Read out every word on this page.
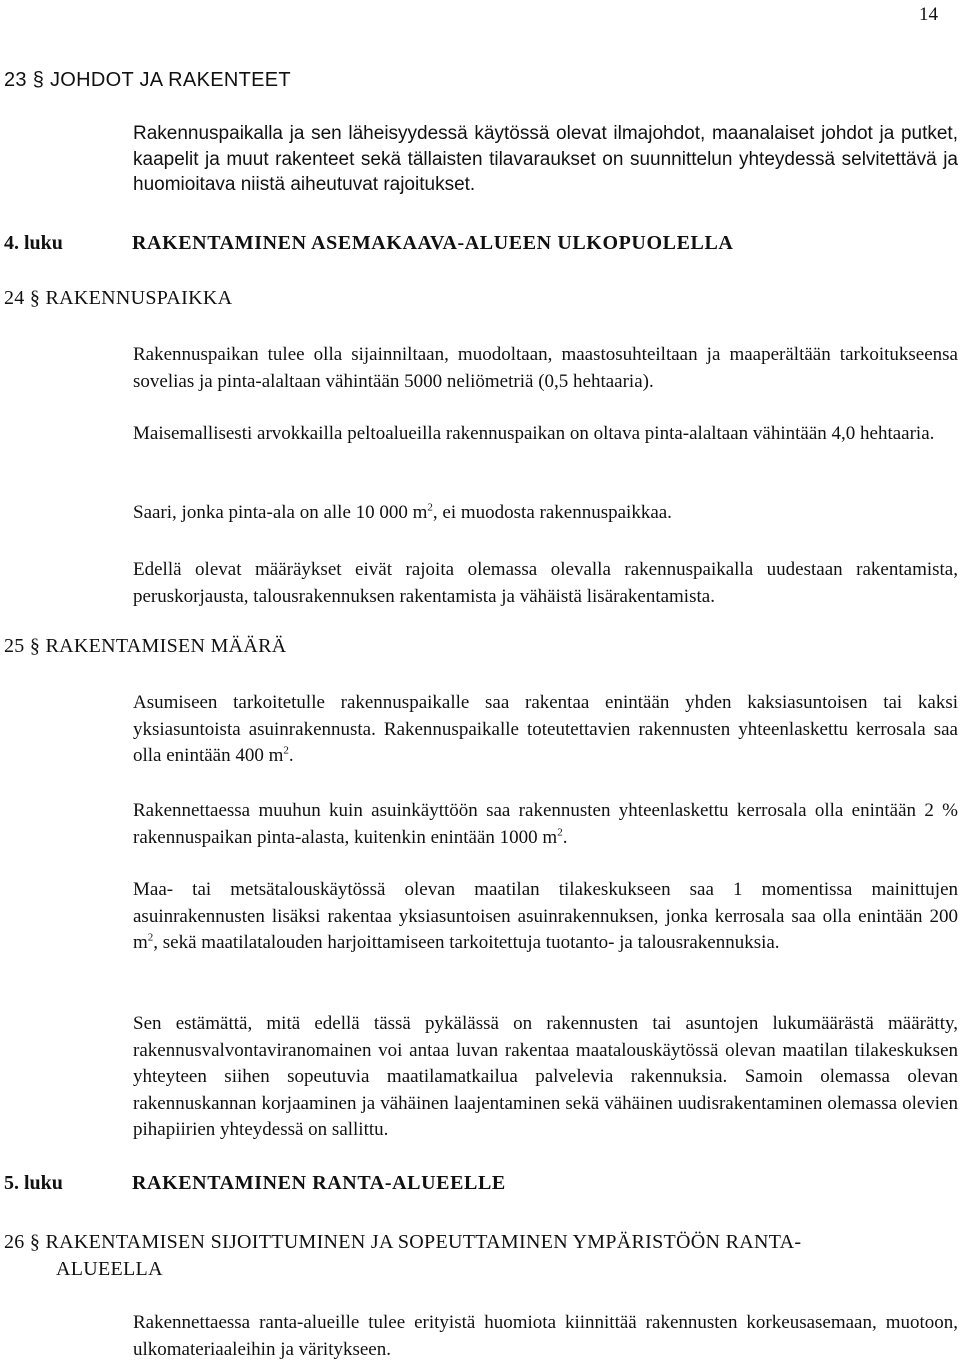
14
23 § JOHDOT JA RAKENTEET
Rakennuspaikalla ja sen läheisyydessä käytössä olevat ilmajohdot, maanalaiset johdot ja putket, kaapelit ja muut rakenteet sekä tällaisten tilavaraukset on suunnittelun yhteydessä selvitettävä ja huomioitava niistä aiheutuvat rajoitukset.
4. luku	RAKENTAMINEN ASEMAKAAVA-ALUEEN ULKOPUOLELLA
24 § RAKENNUSPAIKKA
Rakennuspaikan tulee olla sijainniltaan, muodoltaan, maastosuhteiltaan ja maaperältään tarkoitukseensa sovelias ja pinta-alaltaan vähintään 5000 neliömetriä (0,5 hehtaaria).
Maisemallisesti arvokkailla peltoalueilla rakennuspaikan on oltava pinta-alaltaan vähintään 4,0 hehtaaria.
Saari, jonka pinta-ala on alle 10 000 $m^2$, ei muodosta rakennuspaikkaa.
Edellä olevat määräykset eivät rajoita olemassa olevalla rakennuspaikalla uudestaan rakentamista, peruskorjausta, talousrakennuksen rakentamista ja vähäistä lisärakentamista.
25 § RAKENTAMISEN MÄÄRÄ
Asumiseen tarkoitetulle rakennuspaikalle saa rakentaa enintään yhden kaksiasuntoisen tai kaksi yksiasuntoista asuinrakennusta. Rakennuspaikalle toteutettavien rakennusten yhteenlaskettu kerrosala saa olla enintään 400 $m^2$.
Rakennettaessa muuhun kuin asuinkäyttöön saa rakennusten yhteenlaskettu kerrosala olla enintään 2 % rakennuspaikan pinta-alasta, kuitenkin enintään 1000 $m^2$.
Maa- tai metsätalouskäytössä olevan maatilan tilakeskukseen saa 1 momentissa mainittujen asuinrakennusten lisäksi rakentaa yksiasuntoisen asuinrakennuksen, jonka kerrosala saa olla enintään 200 $m^2$, sekä maatilatalouden harjoittamiseen tarkoitettuja tuotanto- ja talousrakennuksia.
Sen estämättä, mitä edellä tässä pykälässä on rakennusten tai asuntojen lukumäärästä määrätty, rakennusvalvontaviranomainen voi antaa luvan rakentaa maatalouskäytössä olevan maatilan tilakeskuksen yhteyteen siihen sopeutuvia maatilamatkailua palvelevia rakennuksia. Samoin olemassa olevan rakennuskannan korjaaminen ja vähäinen laajentaminen sekä vähäinen uudisrakentaminen olemassa olevien pihapiirien yhteydessä on sallittu.
5. luku	RAKENTAMINEN RANTA-ALUEELLE
26 § RAKENTAMISEN SIJOITTUMINEN JA SOPEUTTAMINEN YMPÄRISTÖÖN RANTA-
ALUEELLA
Rakennettaessa ranta-alueille tulee erityistä huomiota kiinnittää rakennusten korkeusasemaan, muotoon, ulkomateriaaleihin ja väritykseen.
